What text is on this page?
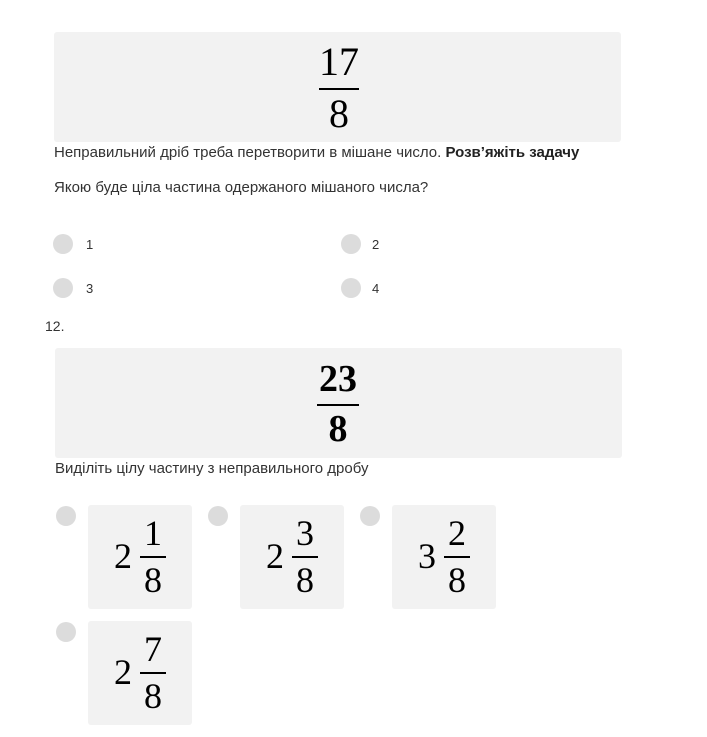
17
8
Неправильний дріб треба перетворити в мішане число. Розв’яжіть задачу
Якою буде ціла частина одержаного мішаного числа?
1	2
3	4
12.
23
8
Виділіть цілу частину з неправильного дробу
2
1
8
2
3
8
3
2
8
2
7
8
